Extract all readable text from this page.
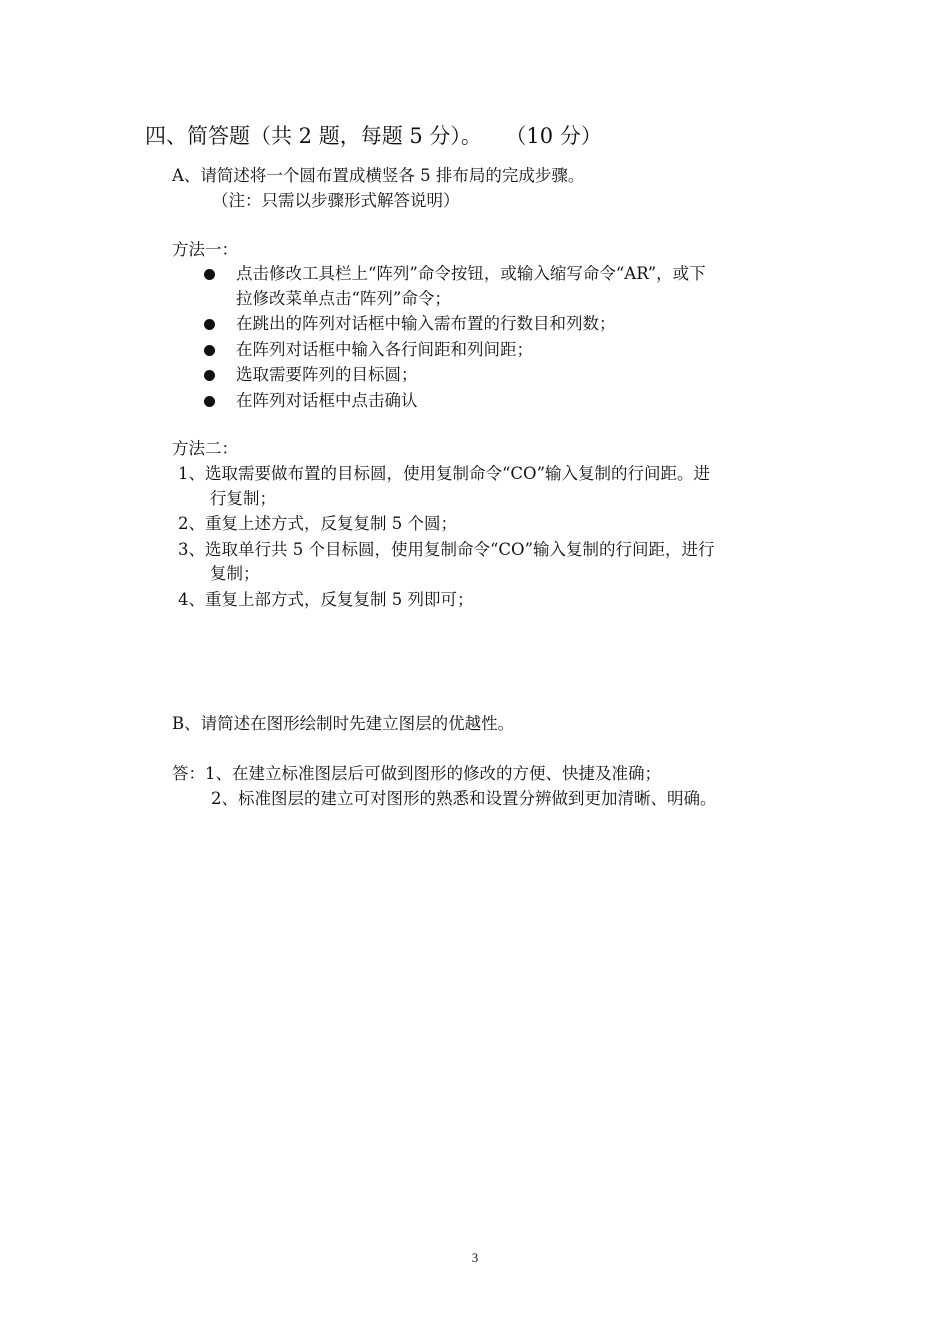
四、简答题（共 2 题，每题 5 分）。 （10 分）
A、请简述将一个圆布置成横竖各 5 排布局的完成步骤。
（注：只需以步骤形式解答说明）
方法一：
点击修改工具栏上“阵列”命令按钮，或输入缩写命令“AR”，或下
拉修改菜单点击“阵列”命令；
在跳出的阵列对话框中输入需布置的行数目和列数；
在阵列对话框中输入各行间距和列间距；
选取需要阵列的目标圆；
在阵列对话框中点击确认
方法二：
1、选取需要做布置的目标圆，使用复制命令“CO”输入复制的行间距。进
行复制；
2、重复上述方式，反复复制 5 个圆；
3、选取单行共 5 个目标圆，使用复制命令“CO”输入复制的行间距，进行
复制；
4、重复上部方式，反复复制 5 列即可；
B、请简述在图形绘制时先建立图层的优越性。
答：1、在建立标准图层后可做到图形的修改的方便、快捷及准确；
2、标准图层的建立可对图形的熟悉和设置分辨做到更加清晰、明确。
3
